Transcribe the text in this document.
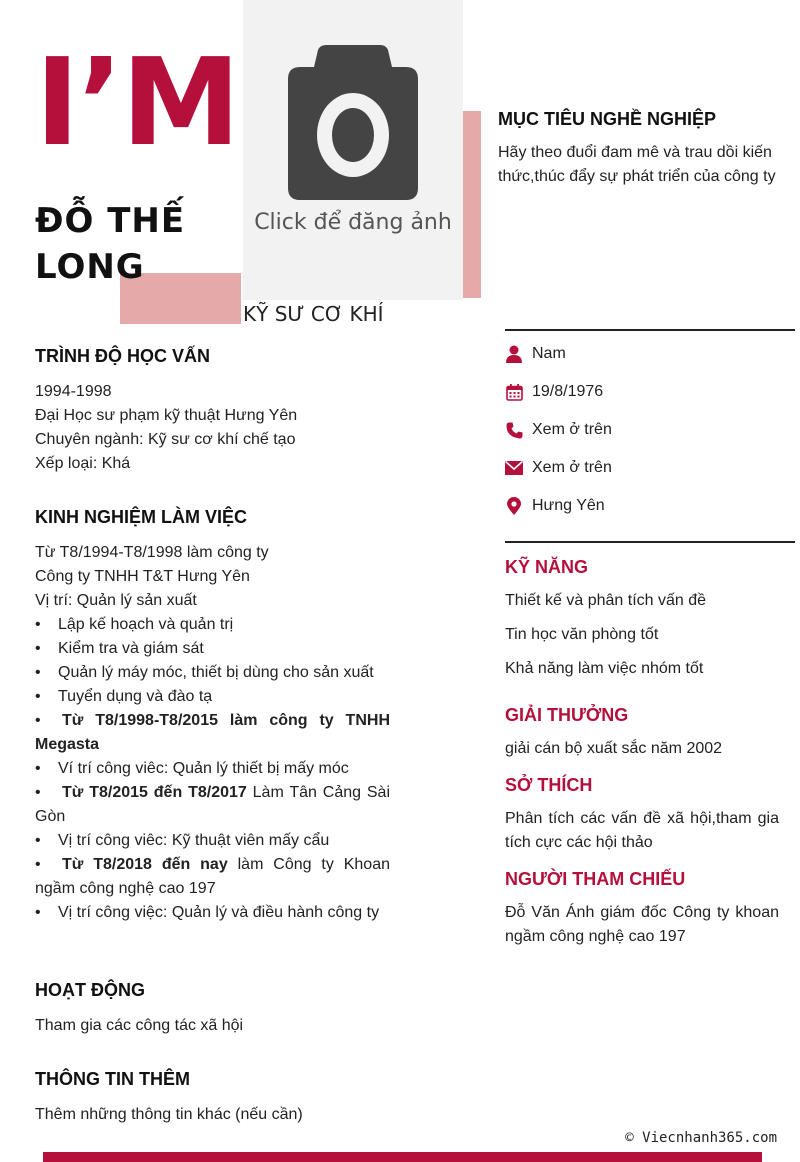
I’M
ĐỖ THẾ LONG
Click để đăng ảnh
KỸ SƯ CƠ KHÍ
MỤC TIÊU NGHỀ NGHIỆP
Hãy theo đuổi đam mê và trau dồi kiến thức,thúc đẩy sự phát triển của công ty
TRÌNH ĐỘ HỌC VẤN
1994-1998
Đại Học sư phạm kỹ thuật Hưng Yên
Chuyên ngành: Kỹ sư cơ khí chế tạo
Xếp loại: Khá
KINH NGHIỆM LÀM VIỆC
Từ T8/1994-T8/1998 làm công ty
Công ty TNHH T&T Hưng Yên
Vị trí: Quản lý sản xuất
• Lập kế hoạch và quản trị
• Kiểm tra và giám sát
• Quản lý máy móc, thiết bị dùng cho sản xuất
• Tuyển dụng và đào tạ
• Từ T8/1998-T8/2015 làm công ty TNHH Megasta
• Ví trí công viêc: Quản lý thiết bị mấy móc
• Từ T8/2015 đến T8/2017 Làm Tân Cảng Sài Gòn
• Vị trí công viêc: Kỹ thuật viên mấy cẩu
• Từ T8/2018 đến nay làm Công ty Khoan ngầm công nghệ cao 197
• Vị trí công việc: Quản lý và điều hành công ty
HOẠT ĐỘNG
Tham gia các công tác xã hội
THÔNG TIN THÊM
Thêm những thông tin khác (nếu cần)
Nam
19/8/1976
Xem ở trên
Xem ở trên
Hưng Yên
KỸ NĂNG
Thiết kế và phân tích vấn đề
Tin học văn phòng tốt
Khả năng làm việc nhóm tốt
GIẢI THƯỞNG
giải cán bộ xuất sắc năm 2002
SỞ THÍCH
Phân tích các vấn đề xã hội,tham gia tích cực các hội thảo
NGƯỜI THAM CHIẾU
Đỗ Văn Ánh giám đốc Công ty khoan ngầm công nghệ cao 197
© Viecnhanh365.com
